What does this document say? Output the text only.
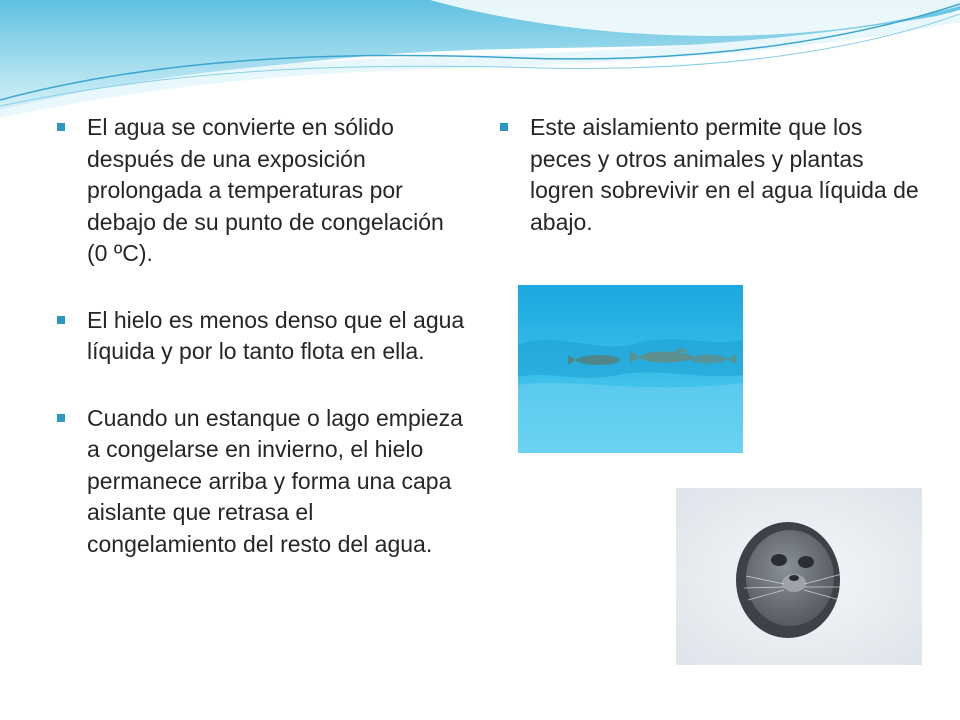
El agua se convierte en sólido después de una exposición prolongada a temperaturas por debajo de su punto de congelación (0 ºC).
El hielo es menos denso que el agua líquida y por lo tanto flota en ella.
Cuando un estanque o lago empieza a congelarse en invierno, el hielo permanece arriba y forma una capa aislante que retrasa el congelamiento del resto del agua.
Este aislamiento permite que los peces y otros animales y plantas logren sobrevivir en el agua líquida de abajo.
